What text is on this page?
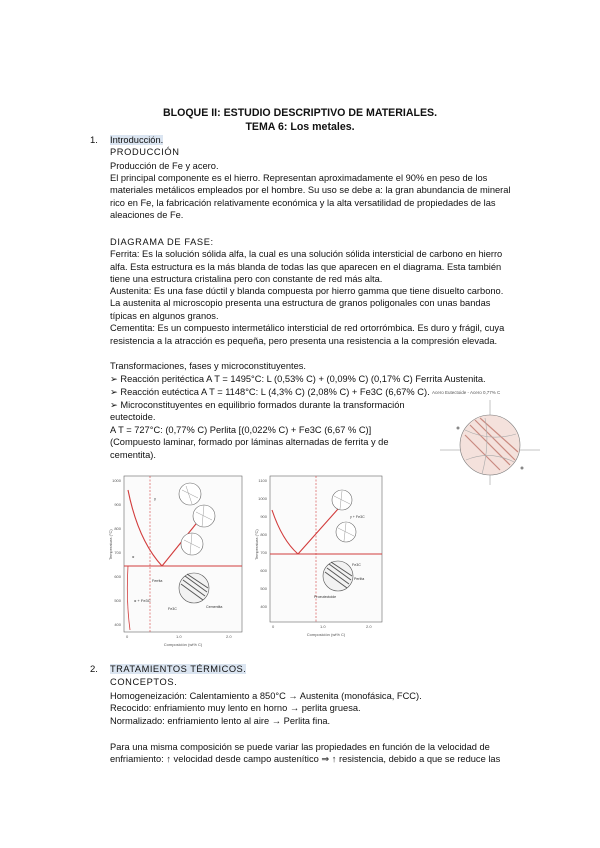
BLOQUE II: ESTUDIO DESCRIPTIVO DE MATERIALES.
TEMA 6: Los metales.
1. Introducción.
PRODUCCIÓN
Producción de Fe y acero.
El principal componente es el hierro. Representan aproximadamente el 90% en peso de los
materiales metálicos empleados por el hombre. Su uso se debe a: la gran abundancia de mineral
rico en Fe, la fabricación relativamente económica y la alta versatilidad de propiedades de las
aleaciones de Fe.
DIAGRAMA DE FASE:
Ferrita: Es la solución sólida alfa, la cual es una solución sólida intersticial de carbono en hierro
alfa. Esta estructura es la más blanda de todas las que aparecen en el diagrama. Esta también
tiene una estructura cristalina pero con constante de red más alta.
Austenita: Es una fase dúctil y blanda compuesta por hierro gamma que tiene disuelto carbono.
La austenita al microscopio presenta una estructura de granos poligonales con unas bandas
típicas en algunos granos.
Cementita: Es un compuesto intermetálico intersticial de red ortorrómbica. Es duro y frágil, cuya
resistencia a la atracción es pequeña, pero presenta una resistencia a la compresión elevada.
Transformaciones, fases y microconstituyentes.
➢ Reacción peritéctica A T = 1495°C: L (0,53% C) + (0,09% C) (0,17% C) Ferrita Austenita.
➢ Reacción eutéctica A T = 1148°C: L (4,3% C) (2,08% C) + Fe3C (6,67% C).
➢ Microconstituyentes en equilibrio formados durante la transformación
eutectoide.
A T = 727°C: (0,77% C) Perlita [(0,022% C) + Fe3C (6,67 % C)]
(Compuesto laminar, formado por láminas alternadas de ferrita y de
cementita).
Acero Eutectoide - Acero 0,77% C
1000
900
800
700
600
500
400
Temperatura (°C)
γ
α
α + Fe3C
Ferrita
Fe3C	Cementita
0	1.0	2.0
Composición (wt% C)
1100
1000
900
800
700
600
500
400
Temperatura (°C)
γ + Fe3C
Perlita
Fe3C
Proeutectoide
0	1.0	2.0
Composición (wt% C)
2. TRATAMIENTOS TÉRMICOS.
CONCEPTOS.
Homogeneización: Calentamiento a 850°C → Austenita (monofásica, FCC).
Recocido: enfriamiento muy lento en horno → perlita gruesa.
Normalizado: enfriamiento lento al aire → Perlita fina.
Para una misma composición se puede variar las propiedades en función de la velocidad de
enfriamiento: ↑ velocidad desde campo austenítico ⇒ ↑ resistencia, debido a que se reduce las
